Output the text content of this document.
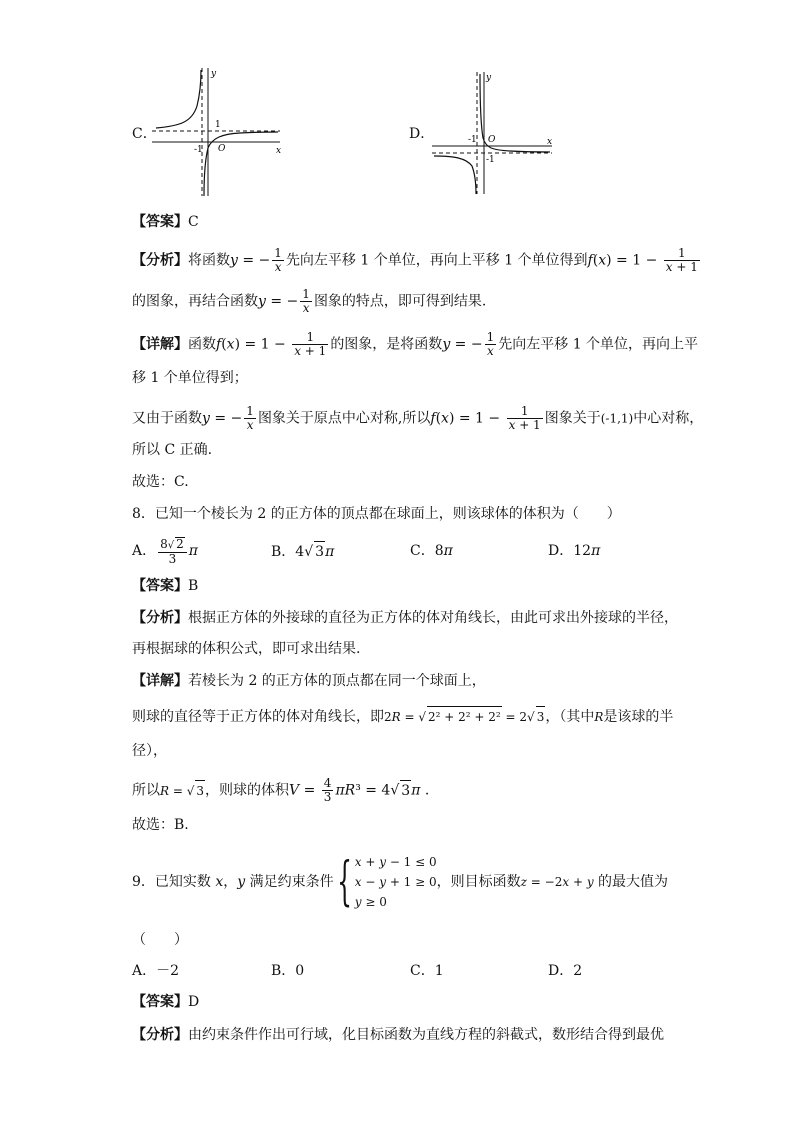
C．
y
x
1
-1 O
D．
y
x
-1
-1
O
【答案】C
【分析】将函数y = − $\frac{1}{x}$ 先向左平移 1 个单位，再向上平移 1 个单位得到$f(x) = 1 - \frac{1}{x + 1}$
的图象，再结合函数y = − $\frac{1}{x}$ 图象的特点，即可得到结果.
【详解】函数$f(x) = 1 - \frac{1}{x + 1}$ 的图象，是将函数y = − $\frac{1}{x}$ 先向左平移 1 个单位，再向上平
移 1 个单位得到；
又由于函数y = − $\frac{1}{x}$ 图象关于原点中心对称,所以$f(x) = 1 - \frac{1}{x + 1}$ 图象关于(-1,1)中心对称，
所以 C 正确.
故选：C.
8．已知一个棱长为 2 的正方体的顶点都在球面上，则该球体的体积为（　　）
A． $\frac{8√ 2}{3}$ π	B．4√ 3π	C．8π	D．12π
【答案】B
【分析】根据正方体的外接球的直径为正方体的体对角线长，由此可求出外接球的半径，
再根据球的体积公式，即可求出结果.
【详解】若棱长为 2 的正方体的顶点都在同一个球面上，
则球的直径等于正方体的体对角线长，即2R = √ 2² + 2² + 2² = 2√ 3，（其中R是该球的半
径），
所以R = √ 3，则球的体积$V = \frac{4}{3} \pi R^3 = 4√$ 3π .
故选：B.
9．已知实数 x，y 满足约束条件{ x + y − 1 ≤ 0
x − y + 1 ≥ 0
y ≥ 0
，则目标函数z = −2x + y 的最大值为
（　　）
A．－2	B．0	C．1	D．2
【答案】D
【分析】由约束条件作出可行域，化目标函数为直线方程的斜截式，数形结合得到最优
